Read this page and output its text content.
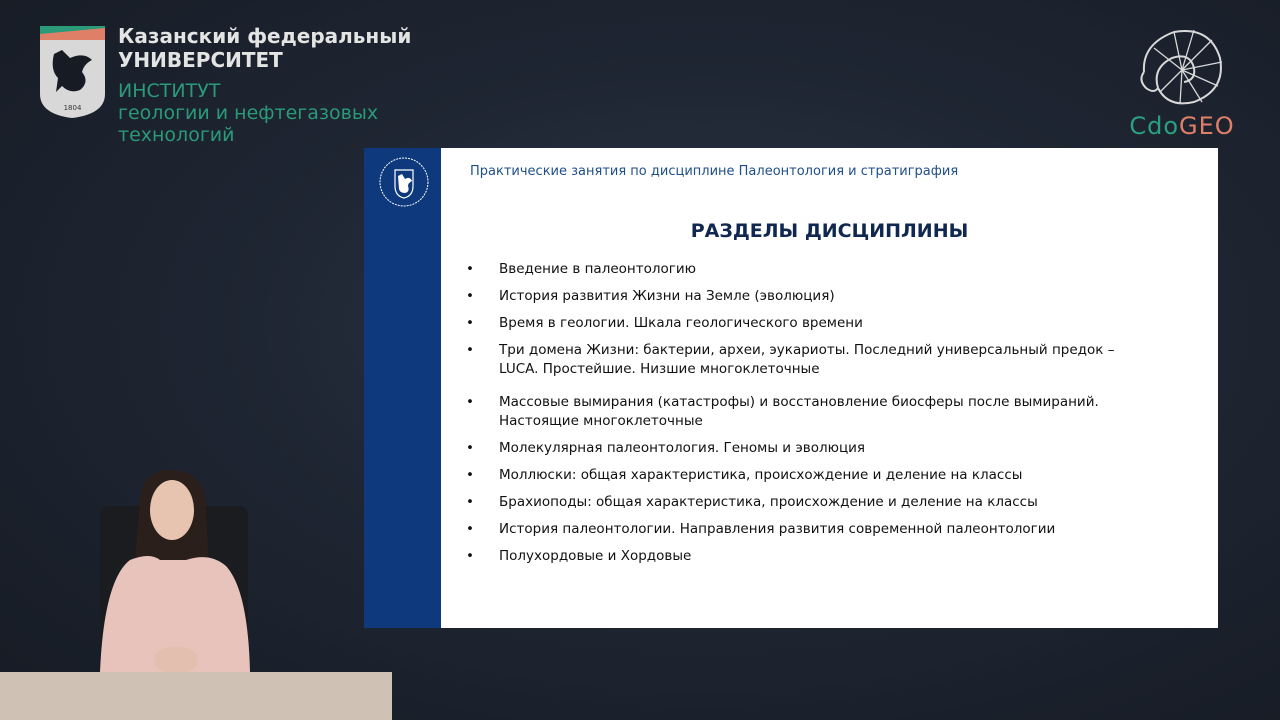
1804
Казанский федеральный
УНИВЕРСИТЕТ
ИНСТИТУТ
геологии и нефтегазовых
технологий	CdoGEO
Практические занятия по дисциплине Палеонтология и стратиграфия
РАЗДЕЛЫ ДИСЦИПЛИНЫ
• Введение в палеонтологию
• История развития Жизни на Земле (эволюция)
• Время в геологии. Шкала геологического времени
• Три домена Жизни: бактерии, археи, эукариоты. Последний универсальный предок – LUCA. Простейшие. Низшие многоклеточные
• Массовые вымирания (катастрофы) и восстановление биосферы после вымираний. Настоящие многоклеточные
• Молекулярная палеонтология. Геномы и эволюция
• Моллюски: общая характеристика, происхождение и деление на классы
• Брахиоподы: общая характеристика, происхождение и деление на классы
• История палеонтологии. Направления развития современной палеонтологии
• Полухордовые и Хордовые
